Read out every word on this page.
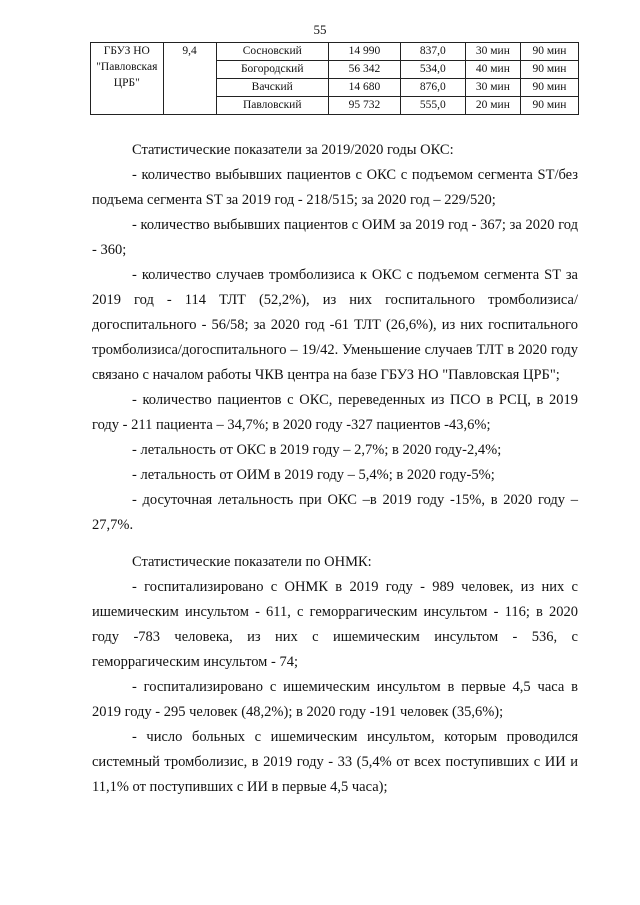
55
ГБУЗ НО "Павловская ЦРБ"	9,4	Сосновский	14 990	837,0	30 мин	90 мин
		Богородский	56 342	534,0	40 мин	90 мин
		Вачский	14 680	876,0	30 мин	90 мин
		Павловский	95 732	555,0	20 мин	90 мин

Статистические показатели за 2019/2020 годы ОКС:

- количество выбывших пациентов с ОКС с подъемом сегмента ST/без подъема сегмента ST за 2019 год - 218/515; за 2020 год – 229/520;

- количество выбывших пациентов с ОИМ за 2019 год - 367; за 2020 год - 360;

- количество случаев тромболизиса к ОКС с подъемом сегмента ST за 2019 год - 114 ТЛТ (52,2%), из них госпитального тромболизиса/догоспитального - 56/58; за 2020 год -61 ТЛТ (26,6%), из них госпитального тромболизиса/догоспитального – 19/42. Уменьшение случаев ТЛТ в 2020 году связано с началом работы ЧКВ центра на базе ГБУЗ НО "Павловская ЦРБ";

- количество пациентов с ОКС, переведенных из ПСО в РСЦ, в 2019 году - 211 пациента – 34,7%; в 2020 году -327 пациентов -43,6%;

- летальность от ОКС в 2019 году – 2,7%; в 2020 году-2,4%;

- летальность от ОИМ в 2019 году – 5,4%; в 2020 году-5%;

- досуточная летальность при ОКС –в 2019 году -15%, в 2020 году – 27,7%.

Статистические показатели по ОНМК:

- госпитализировано с ОНМК в 2019 году - 989 человек, из них с ишемическим инсультом - 611, с геморрагическим инсультом - 116; в 2020 году -783 человека, из них с ишемическим инсультом - 536, с геморрагическим инсультом - 74;

- госпитализировано с ишемическим инсультом в первые 4,5 часа в 2019 году - 295 человек (48,2%); в 2020 году -191 человек (35,6%);

- число больных с ишемическим инсультом, которым проводился системный тромболизис, в 2019 году - 33 (5,4% от всех поступивших с ИИ и 11,1% от поступивших с ИИ в первые 4,5 часа);
